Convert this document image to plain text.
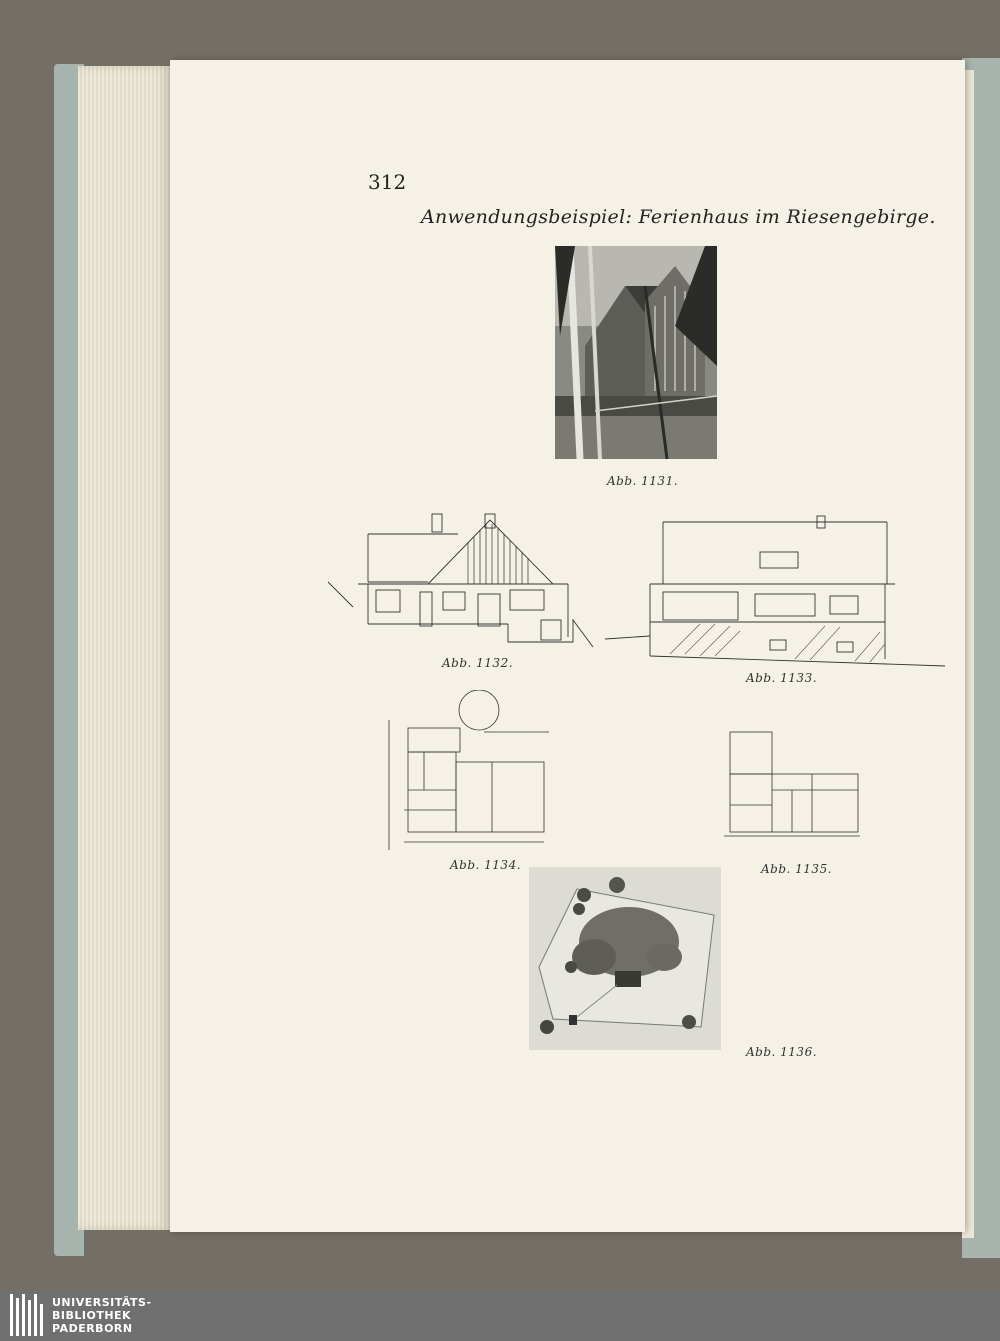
312
Anwendungsbeispiel: Ferienhaus im Riesengebirge.
Abb. 1131.
Abb. 1132.
Abb. 1133.
Abb. 1134.	Abb. 1135.
Abb. 1136.
UNIVERSITÄTS-
BIBLIOTHEK
PADERBORN
